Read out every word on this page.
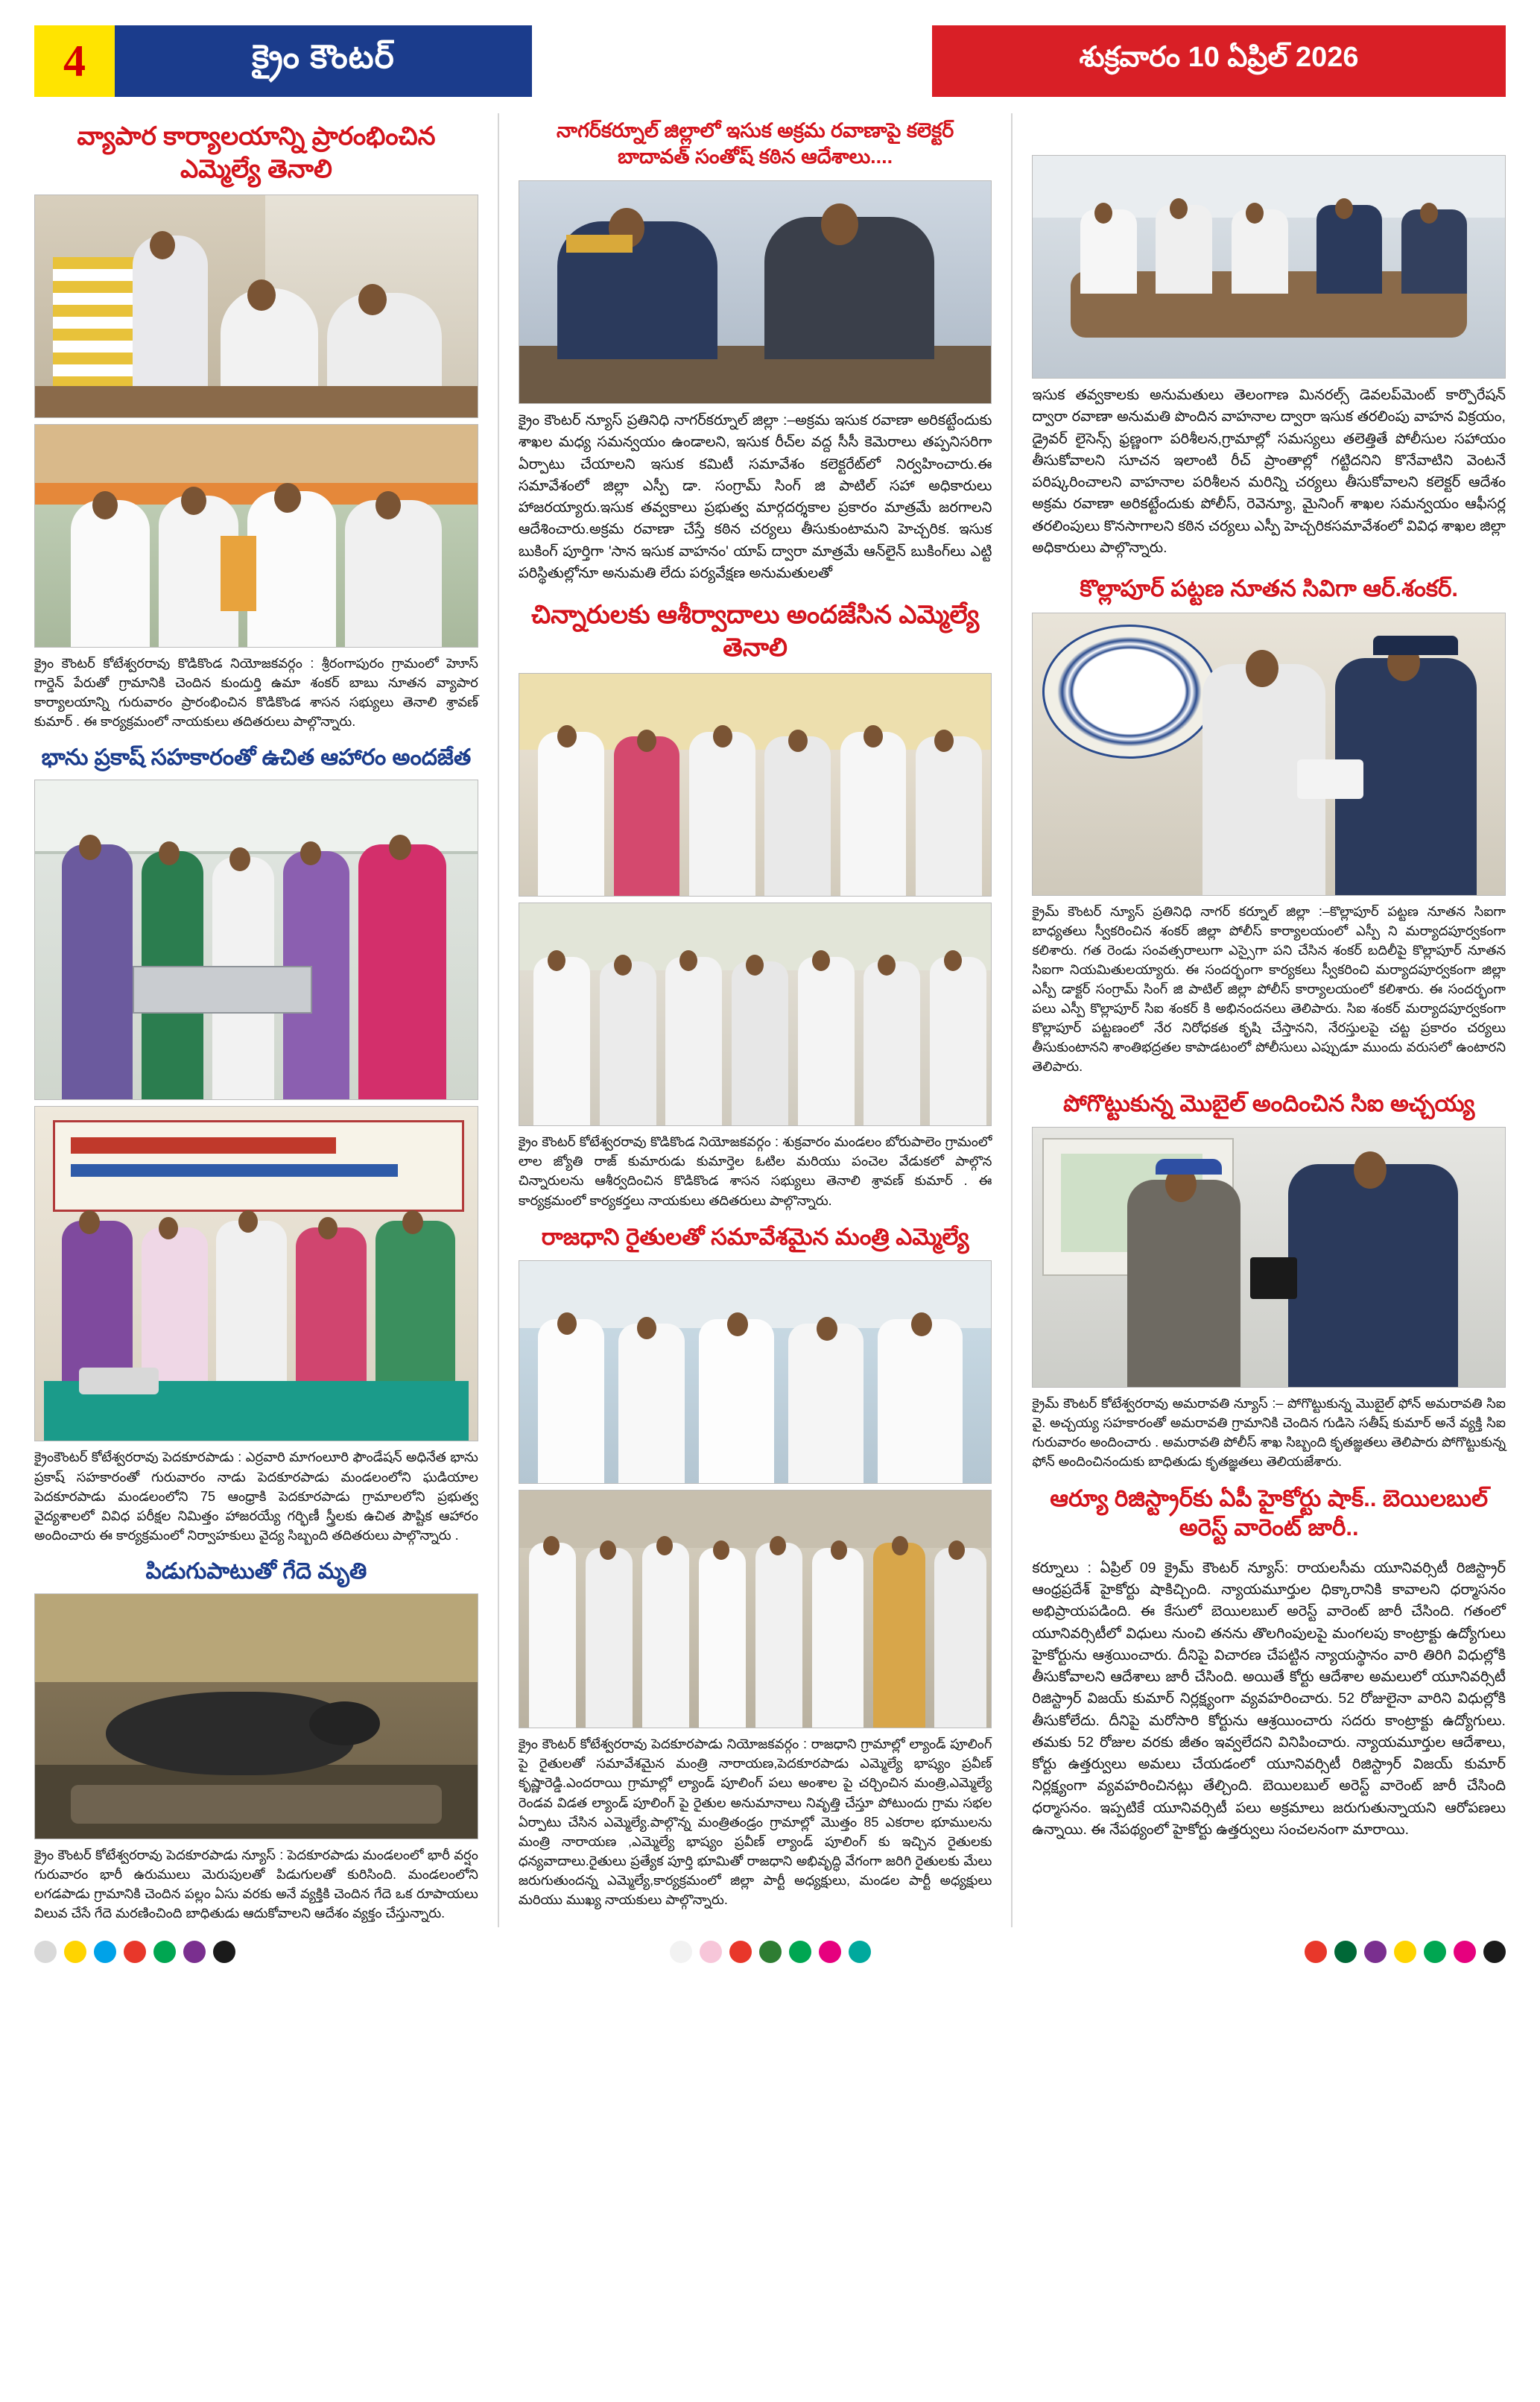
4	క్రైం కౌంటర్	శుక్రవారం 10 ఏప్రిల్ 2026
వ్యాపార కార్యాలయాన్ని ప్రారంభించిన ఎమ్మెల్యే తెనాలి
క్రైం కౌంటర్ కోటేశ్వరరావు కొడికొండ నియోజకవర్గం : శ్రీరంగాపురం గ్రామంలో హెూస్ గార్డెన్ పేరుతో గ్రామానికి చెందిన కుందుర్తి ఉమా శంకర్ బాబు నూతన వ్యాపార కార్యాలయాన్ని గురువారం ప్రారంభించిన కొడికొండ శాసన సభ్యులు తెనాలి శ్రావణ్ కుమార్ . ఈ కార్యక్రమంలో నాయకులు తదితరులు పాల్గొన్నారు.
భాను ప్రకాష్ సహకారంతో ఉచిత ఆహారం అందజేత
క్రైంకౌంటర్ కోటేశ్వరరావు పెదకూరపాడు : ఎర్రవారి మాగంలూరి ఫౌండేషన్ అధినేత భాను ప్రకాష్ సహకారంతో గురువారం నాడు పెదకూరపాడు మండలంలోని ఘడియాల పెదకూరపాడు మండలంలోని 75 ఆంధ్రాకి పెదకూరపాడు గ్రామాలలోని ప్రభుత్వ వైద్యశాలలో వివిధ పరీక్షల నిమిత్తం హాజరయ్యే గర్భిణీ స్త్రీలకు ఉచిత పౌష్టిక ఆహారం అందించారు ఈ కార్యక్రమంలో నిర్వాహకులు వైద్య సిబ్బంది తదితరులు పాల్గొన్నారు .
పిడుగుపాటుతో గేదె మృతి
క్రైం కౌంటర్ కోటేశ్వరరావు పెదకూరపాడు న్యూస్ : పెదకూరపాడు మండలంలో భారీ వర్షం గురువారం భారీ ఉరుములు మెరుపులతో పిడుగులతో కురిసింది. మండలంలోని లగడపాడు గ్రామానికి చెందిన పల్లం ఏసు వరకు అనే వ్యక్తికి చెందిన గేదె ఒక రూపాయలు విలువ చేసే గేదె మరణించింది బాధితుడు ఆదుకోవాలని ఆదేశం వ్యక్తం చేస్తున్నారు.
నాగర్‌కర్నూల్ జిల్లాలో ఇసుక అక్రమ రవాణాపై కలెక్టర్ బాదావత్ సంతోష్ కఠిన ఆదేశాలు....

క్రైం కౌంటర్ న్యూస్ ప్రతినిధి నాగర్‌కర్నూల్ జిల్లా :–అక్రమ ఇసుక రవాణా అరికట్టేందుకు శాఖల మధ్య సమన్వయం ఉండాలని, ఇసుక రీచ్‌ల వద్ద సీసీ కెమెరాలు తప్పనిసరిగా ఏర్పాటు చేయాలని ఇసుక కమిటీ సమావేశం కలెక్టరేట్‌లో నిర్వహించారు.ఈ సమావేశంలో జిల్లా ఎస్పీ డా. సంగ్రామ్ సింగ్ జి పాటిల్ సహా అధికారులు హాజరయ్యారు.ఇసుక తవ్వకాలు ప్రభుత్వ మార్గదర్శకాల ప్రకారం మాత్రమే జరగాలని ఆదేశించారు.అక్రమ రవాణా చేస్తే కఠిన చర్యలు తీసుకుంటామని హెచ్చరిక. ఇసుక బుకింగ్ పూర్తిగా 'సాన ఇసుక వాహనం' యాప్ ద్వారా మాత్రమే ఆన్‌లైన్ బుకింగ్‌లు ఎట్టి పరిస్థితుల్లోనూ అనుమతి లేదు పర్యవేక్షణ అనుమతులతో

చిన్నారులకు ఆశీర్వాదాలు అందజేసిన ఎమ్మెల్యే తెనాలి
క్రైం కౌంటర్ కోటేశ్వరరావు కొడికొండ నియోజకవర్గం : శుక్రవారం మండలం బోరుపాలెం గ్రామంలో లాల జ్యోతి రాజ్ కుమారుడు కుమార్తెల ఓటిల మరియు పంచెల వేడుకలో పాల్గొన చిన్నారులను ఆశీర్వదించిన కొడికొండ శాసన సభ్యులు తెనాలి శ్రావణ్ కుమార్ . ఈ కార్యక్రమంలో కార్యకర్తలు నాయకులు తదితరులు పాల్గొన్నారు.
రాజధాని రైతులతో సమావేశమైన మంత్రి ఎమ్మెల్యే
క్రైం కౌంటర్ కోటేశ్వరరావు పెదకూరపాడు నియోజకవర్గం : రాజధాని గ్రామాల్లో ల్యాండ్ పూలింగ్ పై రైతులతో సమావేశమైన మంత్రి నారాయణ,పెదకూరపాడు ఎమ్మెల్యే భాష్యం ప్రవీణ్ కృష్ణారెడ్డి.ఎందరాయి గ్రామాల్లో ల్యాండ్ పూలింగ్ పలు అంశాల పై చర్చించిన మంత్రి,ఎమ్మెల్యే రెండవ విడత ల్యాండ్ పూలింగ్ పై రైతుల అనుమానాలు నివృత్తి చేస్తూ పోటుందు గ్రామ సభల ఏర్పాటు చేసిన ఎమ్మెల్యే.పాల్గొన్న మంత్రితండ్రం గ్రామాల్లో మొత్తం 85 ఎకరాల భూములను మంత్రి నారాయణ ,ఎమ్మెల్యే భాష్యం ప్రవీణ్ ల్యాండ్ పూలింగ్ కు ఇచ్చిన రైతులకు ధన్యవాదాలు.రైతులు ప్రత్యేక పూర్తి భూమితో రాజధాని అభివృద్ధి వేగంగా జరిగి రైతులకు మేలు జరుగుతుందన్న ఎమ్మెల్యే,కార్యక్రమంలో జిల్లా పార్టీ అధ్యక్షులు, మండల పార్టీ అధ్యక్షులు మరియు ముఖ్య నాయకులు పాల్గొన్నారు.

ఇసుక తవ్వకాలకు అనుమతులు తెలంగాణ మినరల్స్ డెవలప్‌మెంట్ కార్పొరేషన్ ద్వారా రవాణా అనుమతి పొందిన వాహనాల ద్వారా ఇసుక తరలింపు వాహన విక్రయం, డ్రైవర్ లైసెన్స్ ఫ్రణ్ణంగా పరిశీలన,గ్రామాల్లో సమస్యలు తలెత్తితే పోలీసుల సహాయం తీసుకోవాలని సూచన ఇలాంటి రీచ్ ప్రాంతాల్లో గట్టిదనిని కొనేవాటిని వెంటనే పరిష్కరించాలని వాహనాల పరిశీలన మరిన్ని చర్యలు తీసుకోవాలని కలెక్టర్ ఆదేశం అక్రమ రవాణా అరికట్టేందుకు పోలీస్, రెవెన్యూ, మైనింగ్ శాఖల సమన్వయం ఆఫీసర్ల తరలింపులు కొనసాగాలని కఠిన చర్యలు ఎస్పీ హెచ్చరికసమావేశంలో వివిధ శాఖల జిల్లా అధికారులు పాల్గొన్నారు.

కొల్లాపూర్ పట్టణ నూతన సివిగా ఆర్.శంకర్.
క్రైమ్ కౌంటర్ న్యూస్ ప్రతినిధి నాగర్ కర్నూల్ జిల్లా :–కొల్లాపూర్ పట్టణ నూతన సిఐగా బాధ్యతలు స్వీకరించిన శంకర్ జిల్లా పోలీస్ కార్యాలయంలో ఎస్పీ ని మర్యాదపూర్వకంగా కలిశారు. గత రెండు సంవత్సరాలుగా ఎస్సైగా పని చేసిన శంకర్ బదిలీపై కొల్లాపూర్ నూతన సిఐగా నియమితులయ్యారు. ఈ సందర్భంగా కార్యకలు స్వీకరించి మర్యాదపూర్వకంగా జిల్లా ఎస్పీ డాక్టర్ సంగ్రామ్ సింగ్ జి పాటిల్ జిల్లా పోలీస్ కార్యాలయంలో కలిశారు. ఈ సందర్భంగా పలు ఎస్పీ కొల్లాపూర్ సిఐ శంకర్ కి అభినందనలు తెలిపారు. సిఐ శంకర్ మర్యాదపూర్వకంగా కొల్లాపూర్ పట్టణంలో నేర నిరోధకత కృషి చేస్తానని, నేరస్తులపై చట్ట ప్రకారం చర్యలు తీసుకుంటానని శాంతిభద్రతల కాపాడటంలో పోలీసులు ఎప్పుడూ ముందు వరుసలో ఉంటారని తెలిపారు.
పోగొట్టుకున్న మొబైల్ అందించిన సిఐ అచ్చయ్య
క్రైమ్ కౌంటర్ కోటేశ్వరరావు అమరావతి న్యూస్ :– పోగొట్టుకున్న మొబైల్ ఫోన్ అమరావతి సిఐ వై. అచ్చయ్య సహకారంతో అమరావతి గ్రామానికి చెందిన గుడిసె సతీష్ కుమార్ అనే వ్యక్తి సిఐ గురువారం అందించారు . అమరావతి పోలీస్ శాఖ సిబ్బంది కృతజ్ఞతలు తెలిపారు పోగొట్టుకున్న ఫోన్ అందించినందుకు బాధితుడు కృతజ్ఞతలు తెలియజేశారు.
ఆర్యూ రిజిస్ట్రార్‌కు ఏపీ హైకోర్టు షాక్.. బెయిలబుల్ అరెస్ట్ వారెంట్ జారీ..

కర్నూలు : ఏప్రిల్ 09 క్రైమ్ కౌంటర్ న్యూస్: రాయలసీమ యూనివర్సిటీ రిజిస్ట్రార్ ఆంధ్రప్రదేశ్ హైకోర్టు షాకిచ్చింది. న్యాయమూర్తుల ధిక్కారానికి కావాలని ధర్మాసనం అభిప్రాయపడింది. ఈ కేసులో బెయిలబుల్ అరెస్ట్ వారెంట్ జారీ చేసింది. గతంలో యూనివర్సిటీలో విధులు నుంచి తనను తొలగింపులపై మంగలపు కాంట్రాక్టు ఉద్యోగులు హైకోర్టును ఆశ్రయించారు. దీనిపై విచారణ చేపట్టిన న్యాయస్థానం వారి తిరిగి విధుల్లోకి తీసుకోవాలని ఆదేశాలు జారీ చేసింది. అయితే కోర్టు ఆదేశాల అమలులో యూనివర్సిటీ రిజిస్ట్రార్ విజయ్ కుమార్ నిర్లక్ష్యంగా వ్యవహరించారు. 52 రోజులైనా వారిని విధుల్లోకి తీసుకోలేదు. దీనిపై మరోసారి కోర్టును ఆశ్రయించారు సదరు కాంట్రాక్టు ఉద్యోగులు. తమకు 52 రోజుల వరకు జీతం ఇవ్వలేదని వినిపించారు. న్యాయమూర్తుల ఆదేశాలు, కోర్టు ఉత్తర్వులు అమలు చేయడంలో యూనివర్సిటీ రిజిస్ట్రార్ విజయ్ కుమార్ నిర్లక్ష్యంగా వ్యవహరించినట్లు తేల్చింది. బెయిలబుల్ అరెస్ట్ వారెంట్ జారీ చేసింది ధర్మాసనం. ఇప్పటికే యూనివర్సిటీ పలు అక్రమాలు జరుగుతున్నాయని ఆరోపణలు ఉన్నాయి. ఈ నేపథ్యంలో హైకోర్టు ఉత్తర్వులు సంచలనంగా మారాయి.
